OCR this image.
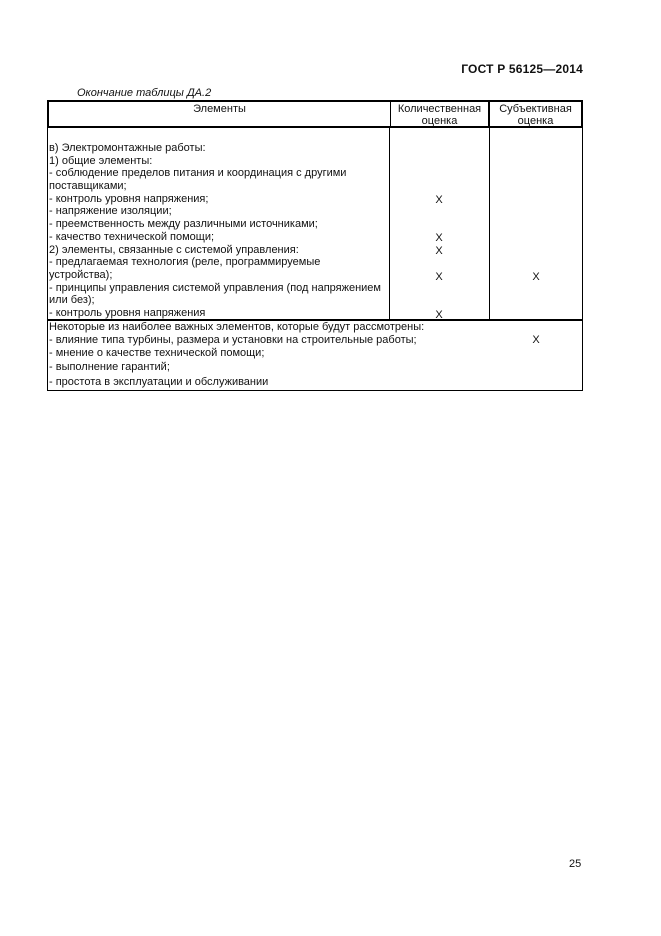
ГОСТ Р 56125—2014
Окончание таблицы ДА.2
Элементы	Количественная
оценка
Субъективная
оценка
в) Электромонтажные работы:
1) общие элементы:
- соблюдение пределов питания и координация с другими
поставщиками;
- контроль уровня напряжения;
- напряжение изоляции;
- преемственность между различными источниками;
- качество технической помощи;
2) элементы, связанные с системой управления:
- предлагаемая технология (реле, программируемые
устройства);
- принципы управления системой управления (под напряжением
или без);
- контроль уровня напряжения
X
X
X
X
X
X
X
Некоторые из наиболее важных элементов, которые будут рассмотрены:
- влияние типа турбины, размера и установки на строительные работы;
- мнение о качестве технической помощи;
- выполнение гарантий;
- простота в эксплуатации и обслуживании
25
